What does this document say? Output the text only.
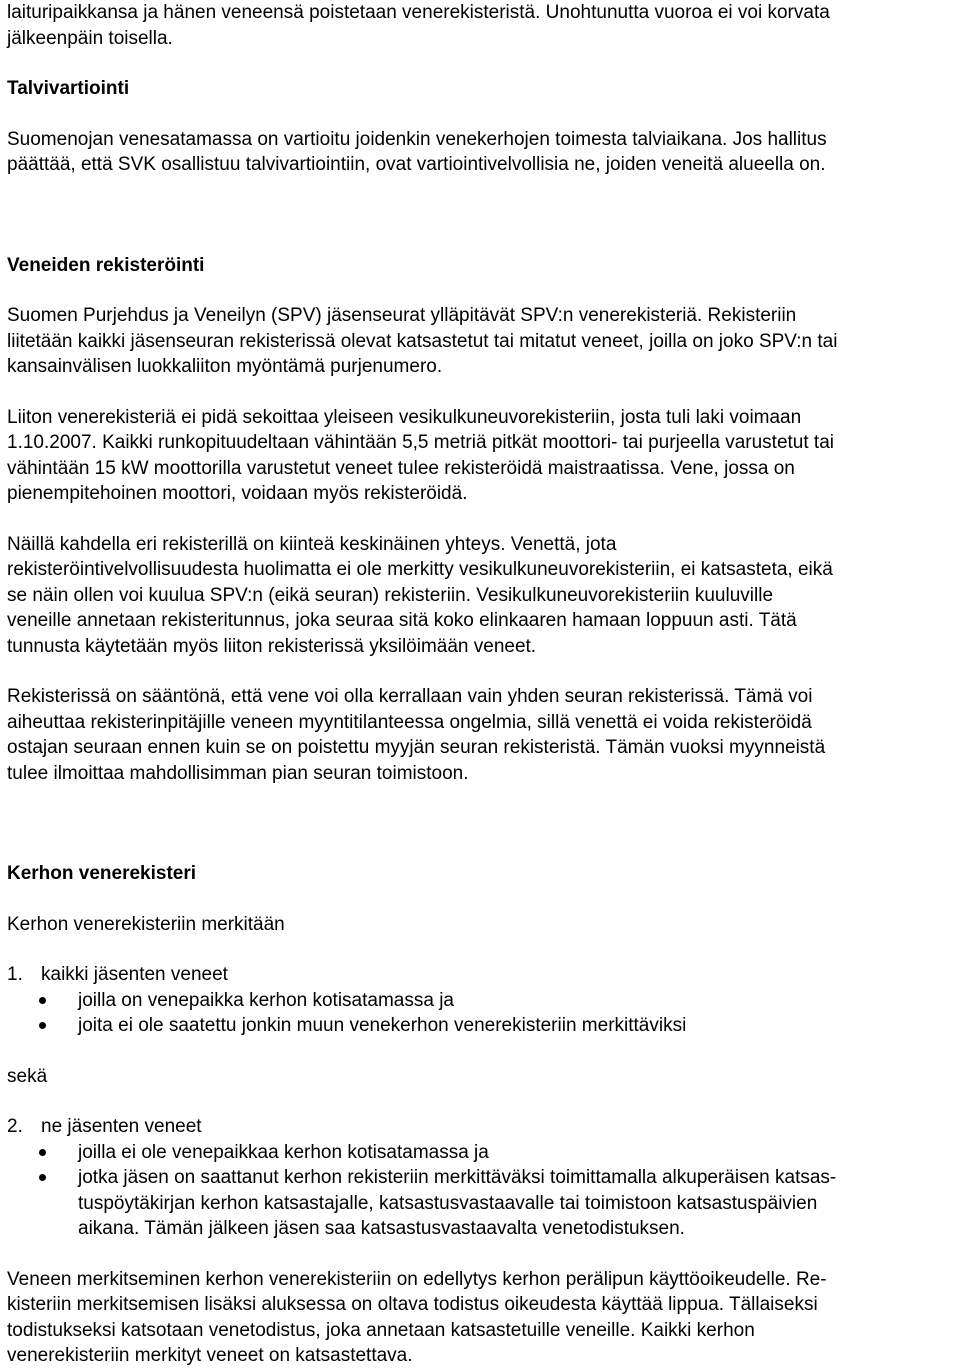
laituripaikkansa ja hänen veneensä poistetaan venerekisteristä. Unohtunutta vuoroa ei voi korvata
jälkeenpäin toisella.

Talvivartiointi

Suomenojan venesatamassa on vartioitu joidenkin venekerhojen toimesta talviaikana. Jos hallitus
päättää, että SVK osallistuu talvivartiointiin, ovat vartiointivelvollisia ne, joiden veneitä alueella on.

Veneiden rekisteröinti

Suomen Purjehdus ja Veneilyn (SPV) jäsenseurat ylläpitävät SPV:n venerekisteriä. Rekisteriin
liitetään kaikki jäsenseuran rekisterissä olevat katsastetut tai mitatut veneet, joilla on joko SPV:n tai
kansainvälisen luokkaliiton myöntämä purjenumero.

Liiton venerekisteriä ei pidä sekoittaa yleiseen vesikulkuneuvorekisteriin, josta tuli laki voimaan
1.10.2007. Kaikki runkopituudeltaan vähintään 5,5 metriä pitkät moottori- tai purjeella varustetut tai
vähintään 15 kW moottorilla varustetut veneet tulee rekisteröidä maistraatissa. Vene, jossa on
pienempitehoinen moottori, voidaan myös rekisteröidä.

Näillä kahdella eri rekisterillä on kiinteä keskinäinen yhteys. Venettä, jota
rekisteröintivelvollisuudesta huolimatta ei ole merkitty vesikulkuneuvorekisteriin, ei katsasteta, eikä
se näin ollen voi kuulua SPV:n (eikä seuran) rekisteriin. Vesikulkuneuvorekisteriin kuuluville
veneille annetaan rekisteritunnus, joka seuraa sitä koko elinkaaren hamaan loppuun asti. Tätä
tunnusta käytetään myös liiton rekisterissä yksilöimään veneet.

Rekisterissä on sääntönä, että vene voi olla kerrallaan vain yhden seuran rekisterissä. Tämä voi
aiheuttaa rekisterinpitäjille veneen myyntitilanteessa ongelmia, sillä venettä ei voida rekisteröidä
ostajan seuraan ennen kuin se on poistettu myyjän seuran rekisteristä. Tämän vuoksi myynneistä
tulee ilmoittaa mahdollisimman pian seuran toimistoon.

Kerhon venerekisteri

Kerhon venerekisteriin merkitään

1. kaikki jäsenten veneet
joilla on venepaikka kerhon kotisatamassa ja
joita ei ole saatettu jonkin muun venekerhon venerekisteriin merkittäviksi

sekä

2. ne jäsenten veneet
joilla ei ole venepaikkaa kerhon kotisatamassa ja
jotka jäsen on saattanut kerhon rekisteriin merkittäväksi toimittamalla alkuperäisen katsas-
tuspöytäkirjan kerhon katsastajalle, katsastusvastaavalle tai toimistoon katsastuspäivien
aikana. Tämän jälkeen jäsen saa katsastusvastaavalta venetodistuksen.

Veneen merkitseminen kerhon venerekisteriin on edellytys kerhon perälipun käyttöoikeudelle. Re-
kisteriin merkitsemisen lisäksi aluksessa on oltava todistus oikeudesta käyttää lippua. Tällaiseksi
todistukseksi katsotaan venetodistus, joka annetaan katsastetuille veneille. Kaikki kerhon
venerekisteriin merkityt veneet on katsastettava.
